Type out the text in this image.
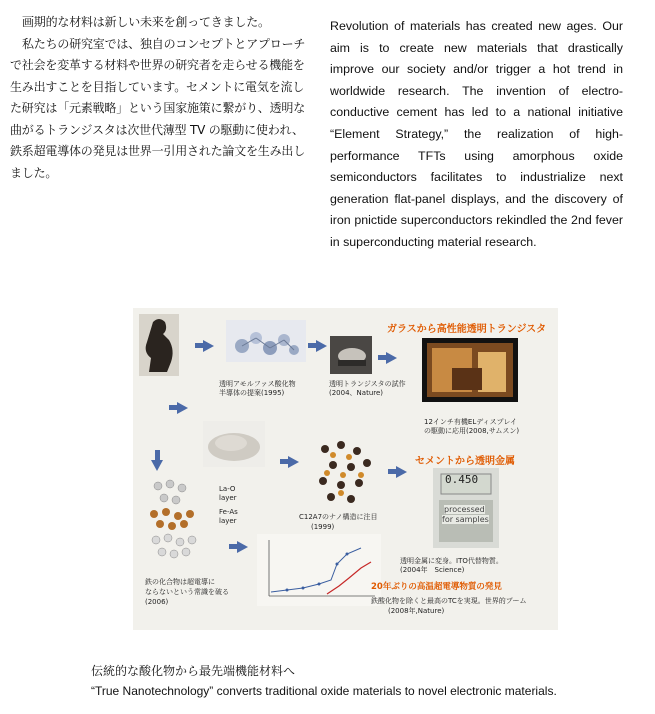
画期的な材料は新しい未来を創ってきました。

私たちの研究室では、独自のコンセプトとアプローチで社会を変革する材料や世界の研究者を走らせる機能を生み出すことを目指しています。セメントに電気を流した研究は「元素戦略」という国家施策に繋がり、透明な曲がるトランジスタは次世代薄型 TV の駆動に使われ、鉄系超電導体の発見は世界一引用された論文を生み出しました。

Revolution of materials has created new ages. Our aim is to create new materials that drastically improve our society and/or trigger a hot trend in worldwide research. The invention of electro-conductive cement has led to a national initiative “Element Strategy,” the realization of high-performance TFTs using amorphous oxide semiconductors facilitates to industrialize next generation flat-panel displays, and the discovery of iron pnictide superconductors rekindled the 2nd fever in superconducting material research.
透明アモルファス酸化物
半導体の提案(1995)
透明トランジスタの試作
(2004、Nature)
ガラスから高性能透明トランジスタ
12インチ有機ELディスプレイ
の駆動に応用(2008,サムスン)
C12A7のナノ構造に注目
(1999)
セメントから透明金属
0.450
processed
for samples
透明金属に変身。ITO代替物質。
(2004年　Science)
La-O
layer
Fe-As
layer
鉄の化合物は超電導に
ならないという常識を破る
(2006)
20年ぶりの高温超電導物質の発見
鉄酸化物を除くと最高のTCを実現。世界的ブーム
(2008年,Nature)
伝統的な酸化物から最先端機能材料へ
“True Nanotechnology” converts traditional oxide materials to novel electronic materials.
